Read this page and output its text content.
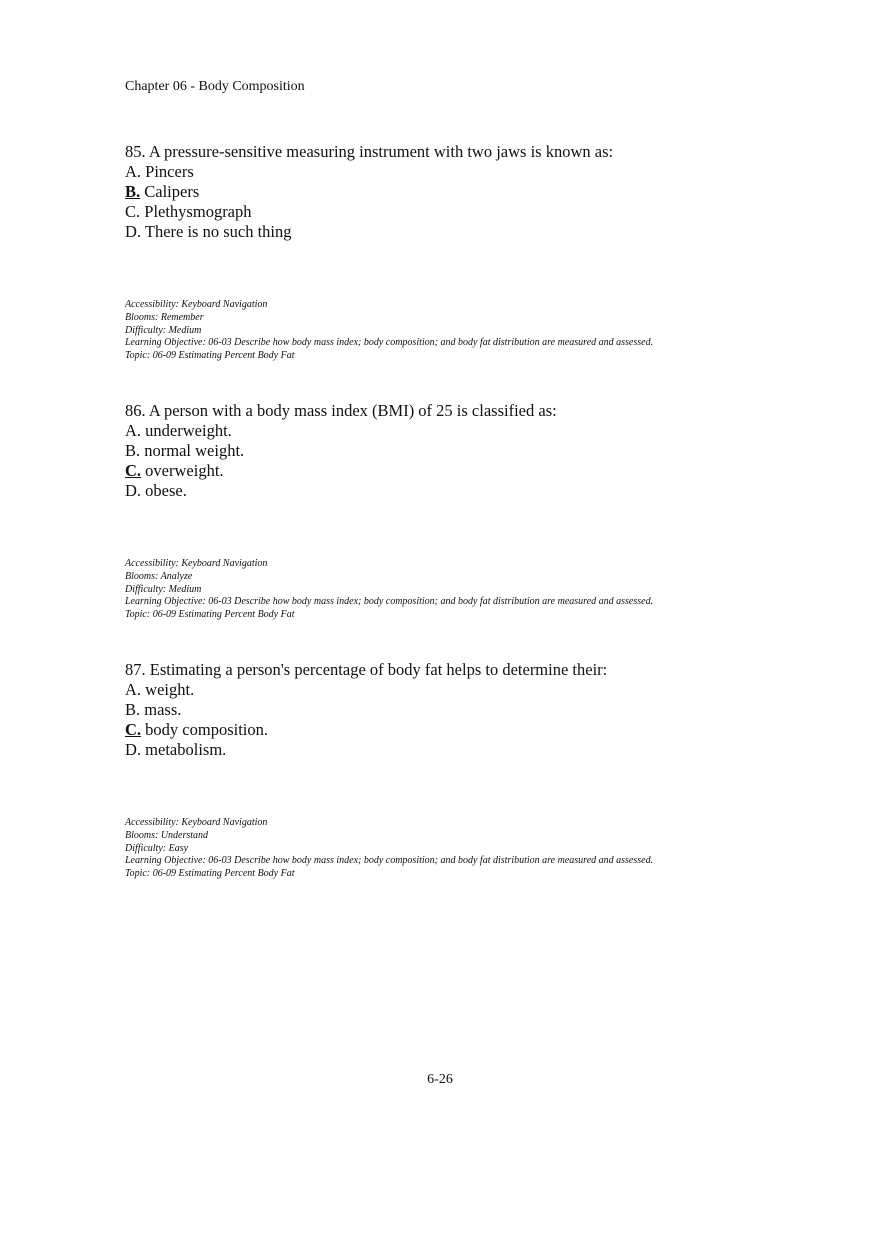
Chapter 06 - Body Composition
85. A pressure-sensitive measuring instrument with two jaws is known as:
A. Pincers
B. Calipers
C. Plethysmograph
D. There is no such thing
Accessibility: Keyboard Navigation
Blooms: Remember
Difficulty: Medium
Learning Objective: 06-03 Describe how body mass index; body composition; and body fat distribution are measured and assessed.
Topic: 06-09 Estimating Percent Body Fat
86. A person with a body mass index (BMI) of 25 is classified as:
A. underweight.
B. normal weight.
C. overweight.
D. obese.
Accessibility: Keyboard Navigation
Blooms: Analyze
Difficulty: Medium
Learning Objective: 06-03 Describe how body mass index; body composition; and body fat distribution are measured and assessed.
Topic: 06-09 Estimating Percent Body Fat
87. Estimating a person's percentage of body fat helps to determine their:
A. weight.
B. mass.
C. body composition.
D. metabolism.
Accessibility: Keyboard Navigation
Blooms: Understand
Difficulty: Easy
Learning Objective: 06-03 Describe how body mass index; body composition; and body fat distribution are measured and assessed.
Topic: 06-09 Estimating Percent Body Fat
6-26
